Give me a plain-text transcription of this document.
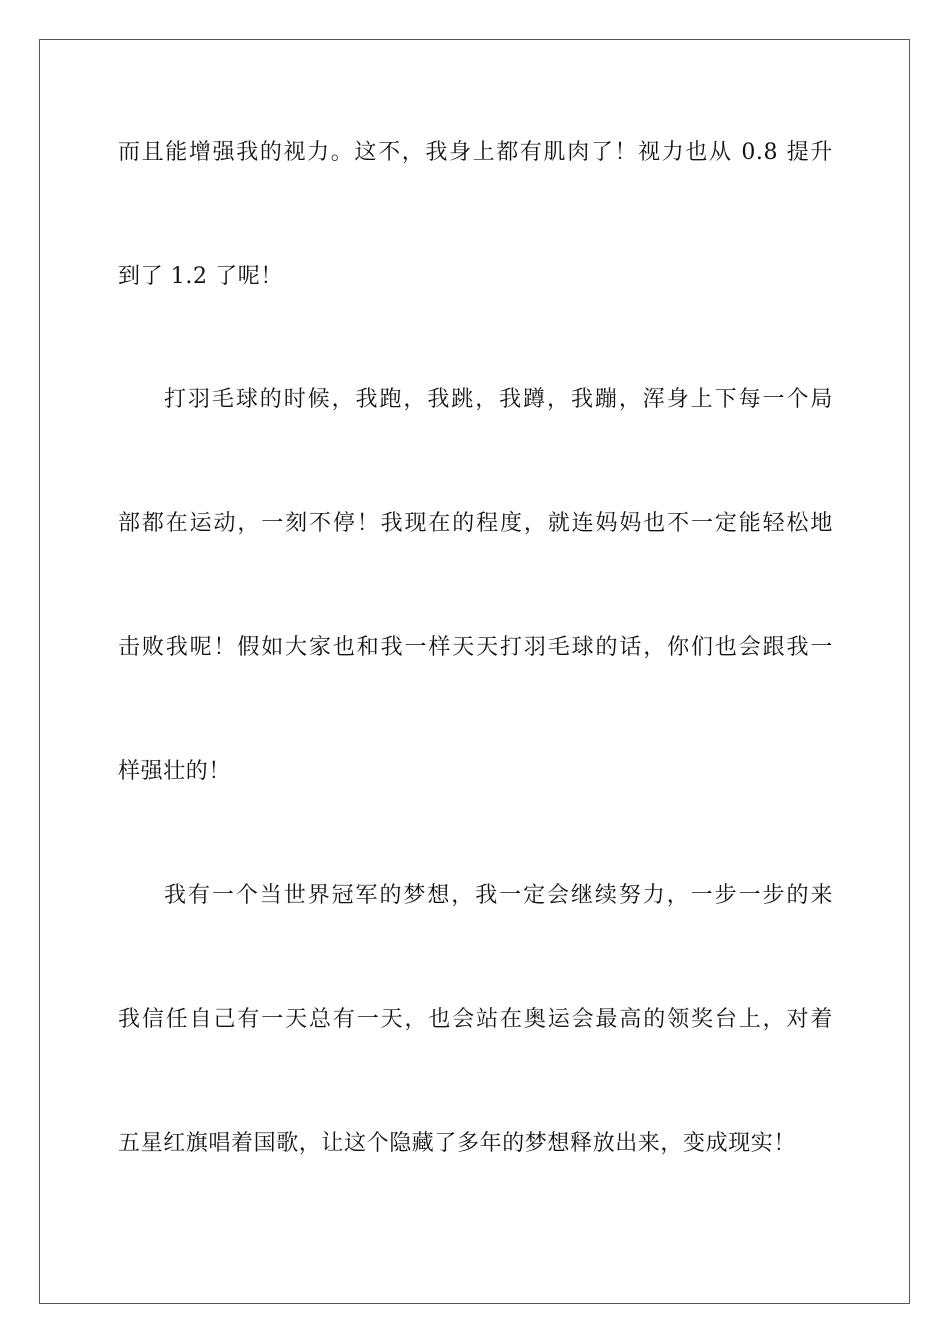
而且能增强我的视力。这不，我身上都有肌肉了！视力也从 0.8 提升
到了 1.2 了呢！
打羽毛球的时候，我跑，我跳，我蹲，我蹦，浑身上下每一个局
部都在运动，一刻不停！我现在的程度，就连妈妈也不一定能轻松地
击败我呢！假如大家也和我一样天天打羽毛球的话，你们也会跟我一
样强壮的！
我有一个当世界冠军的梦想，我一定会继续努力，一步一步的来
我信任自己有一天总有一天，也会站在奥运会最高的领奖台上，对着
五星红旗唱着国歌，让这个隐藏了多年的梦想释放出来，变成现实！
